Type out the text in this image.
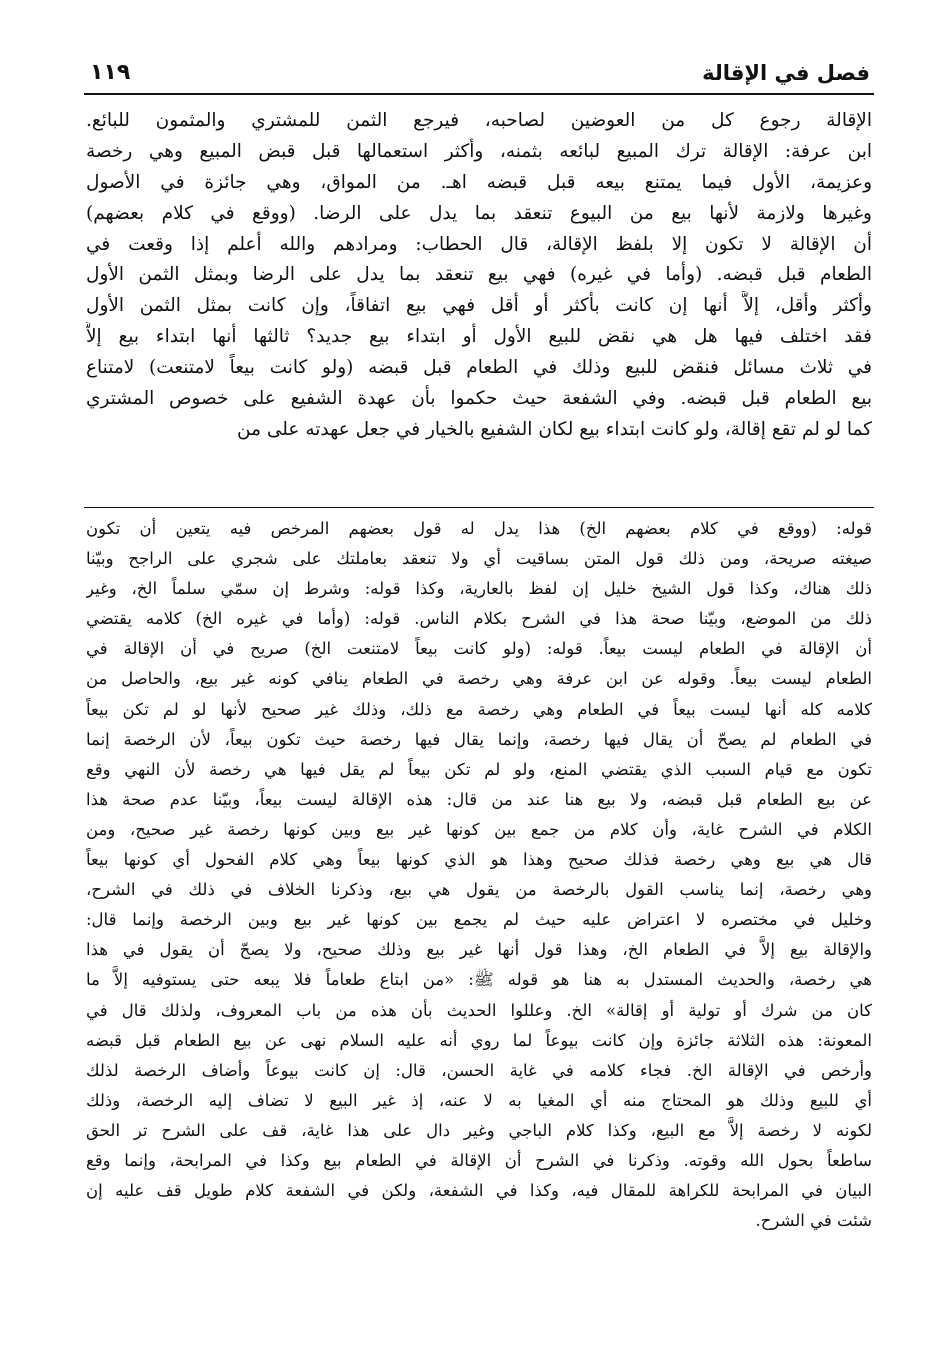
فصل في الإقالة
١١٩
الإقالة رجوع كل من العوضين لصاحبه، فيرجع الثمن للمشتري والمثمون للبائع.
ابن عرفة: الإقالة ترك المبيع لبائعه بثمنه، وأكثر استعمالها قبل قبض المبيع وهي رخصة
وعزيمة، الأول فيما يمتنع بيعه قبل قبضه اهـ. من المواق، وهي جائزة في الأصول
وغيرها ولازمة لأنها بيع من البيوع تنعقد بما يدل على الرضا. (ووقع في كلام بعضهم)
أن الإقالة لا تكون إلا بلفظ الإقالة، قال الحطاب: ومرادهم والله أعلم إذا وقعت في
الطعام قبل قبضه. (وأما في غيره) فهي بيع تنعقد بما يدل على الرضا وبمثل الثمن الأول
وأكثر وأقل، إلاَّ أنها إن كانت بأكثر أو أقل فهي بيع اتفاقاً، وإن كانت بمثل الثمن الأول
فقد اختلف فيها هل هي نقض للبيع الأول أو ابتداء بيع جديد؟ ثالثها أنها ابتداء بيع إلاَّ
في ثلاث مسائل فنقض للبيع وذلك في الطعام قبل قبضه (ولو كانت بيعاً لامتنعت) لامتناع
بيع الطعام قبل قبضه. وفي الشفعة حيث حكموا بأن عهدة الشفيع على خصوص المشتري
كما لو لم تقع إقالة، ولو كانت ابتداء بيع لكان الشفيع بالخيار في جعل عهدته على من
قوله: (ووقع في كلام بعضهم الخ) هذا يدل له قول بعضهم المرخص فيه يتعين أن تكون
صيغته صريحة، ومن ذلك قول المتن بساقيت أي ولا تنعقد بعاملتك على شجري على الراجح وبيّنا
ذلك هناك، وكذا قول الشيخ خليل إن لفظ بالعارية، وكذا قوله: وشرط إن سمّي سلماً الخ، وغير
ذلك من الموضع، وبيّنا صحة هذا في الشرح بكلام الناس. قوله: (وأما في غيره الخ) كلامه يقتضي
أن الإقالة في الطعام ليست بيعاً. قوله: (ولو كانت بيعاً لامتنعت الخ) صريح في أن الإقالة في
الطعام ليست بيعاً. وقوله عن ابن عرفة وهي رخصة في الطعام ينافي كونه غير بيع، والحاصل من
كلامه كله أنها ليست بيعاً في الطعام وهي رخصة مع ذلك، وذلك غير صحيح لأنها لو لم تكن بيعاً
في الطعام لم يصحّ أن يقال فيها رخصة، وإنما يقال فيها رخصة حيث تكون بيعاً، لأن الرخصة إنما
تكون مع قيام السبب الذي يقتضي المنع، ولو لم تكن بيعاً لم يقل فيها هي رخصة لأن النهي وقع
عن بيع الطعام قبل قبضه، ولا بيع هنا عند من قال: هذه الإقالة ليست بيعاً، وبيّنا عدم صحة هذا
الكلام في الشرح غاية، وأن كلام من جمع بين كونها غير بيع وبين كونها رخصة غير صحيح، ومن
قال هي بيع وهي رخصة فذلك صحيح وهذا هو الذي كونها بيعاً وهي كلام الفحول أي كونها بيعاً
وهي رخصة، إنما يناسب القول بالرخصة من يقول هي بيع، وذكرنا الخلاف في ذلك في الشرح،
وخليل في مختصره لا اعتراض عليه حيث لم يجمع بين كونها غير بيع وبين الرخصة وإنما قال:
والإقالة بيع إلاَّ في الطعام الخ، وهذا قول أنها غير بيع وذلك صحيح، ولا يصحّ أن يقول في هذا
هي رخصة، والحديث المستدل به هنا هو قوله ﷺ: «من ابتاع طعاماً فلا يبعه حتى يستوفيه إلاَّ ما
كان من شرك أو تولية أو إقالة» الخ. وعللوا الحديث بأن هذه من باب المعروف، ولذلك قال في
المعونة: هذه الثلاثة جائزة وإن كانت بيوعاً لما روي أنه عليه السلام نهى عن بيع الطعام قبل قبضه
وأرخص في الإقالة الخ. فجاء كلامه في غاية الحسن، قال: إن كانت بيوعاً وأضاف الرخصة لذلك
أي للبيع وذلك هو المحتاج منه أي المغيا به لا عنه، إذ غير البيع لا تضاف إليه الرخصة، وذلك
لكونه لا رخصة إلاَّ مع البيع، وكذا كلام الباجي وغير دال على هذا غاية، قف على الشرح تر الحق
ساطعاً بحول الله وقوته. وذكرنا في الشرح أن الإقالة في الطعام بيع وكذا في المرابحة، وإنما وقع
البيان في المرابحة للكراهة للمقال فيه، وكذا في الشفعة، ولكن في الشفعة كلام طويل قف عليه إن
شئت في الشرح.
